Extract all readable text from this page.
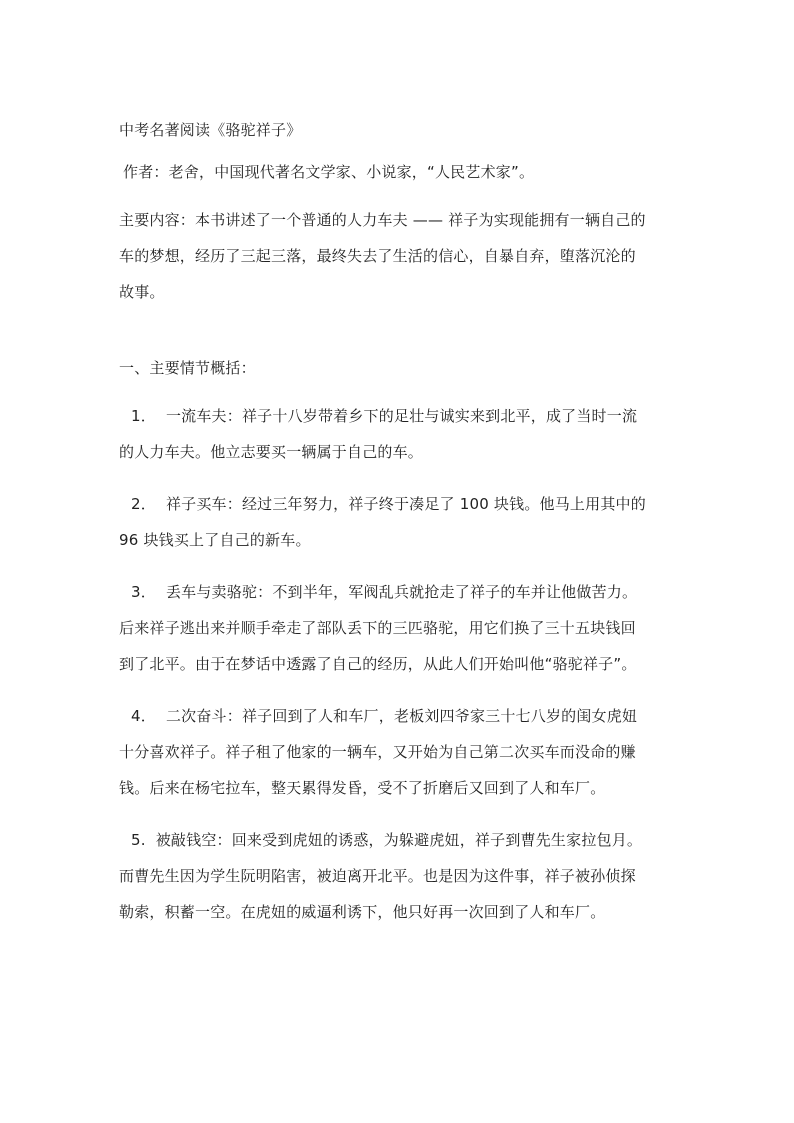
中考名著阅读《骆驼祥子》
作者：老舍，中国现代著名文学家、小说家，“人民艺术家”。
主要内容：本书讲述了一个普通的人力车夫 —— 祥子为实现能拥有一辆自己的
车的梦想，经历了三起三落，最终失去了生活的信心，自暴自弃，堕落沉沦的
故事。
一、主要情节概括：
1． 一流车夫：祥子十八岁带着乡下的足壮与诚实来到北平，成了当时一流
的人力车夫。他立志要买一辆属于自己的车。
2． 祥子买车：经过三年努力，祥子终于凑足了 100 块钱。他马上用其中的
96 块钱买上了自己的新车。
3． 丢车与卖骆驼：不到半年，军阀乱兵就抢走了祥子的车并让他做苦力。
后来祥子逃出来并顺手牵走了部队丢下的三匹骆驼，用它们换了三十五块钱回
到了北平。由于在梦话中透露了自己的经历，从此人们开始叫他“骆驼祥子”。
4． 二次奋斗：祥子回到了人和车厂，老板刘四爷家三十七八岁的闺女虎妞
十分喜欢祥子。祥子租了他家的一辆车，又开始为自己第二次买车而没命的赚
钱。后来在杨宅拉车，整天累得发昏，受不了折磨后又回到了人和车厂。
5. 被敲钱空：回来受到虎妞的诱惑，为躲避虎妞，祥子到曹先生家拉包月。
而曹先生因为学生阮明陷害，被迫离开北平。也是因为这件事，祥子被孙侦探
勒索，积蓄一空。在虎妞的威逼利诱下，他只好再一次回到了人和车厂。
